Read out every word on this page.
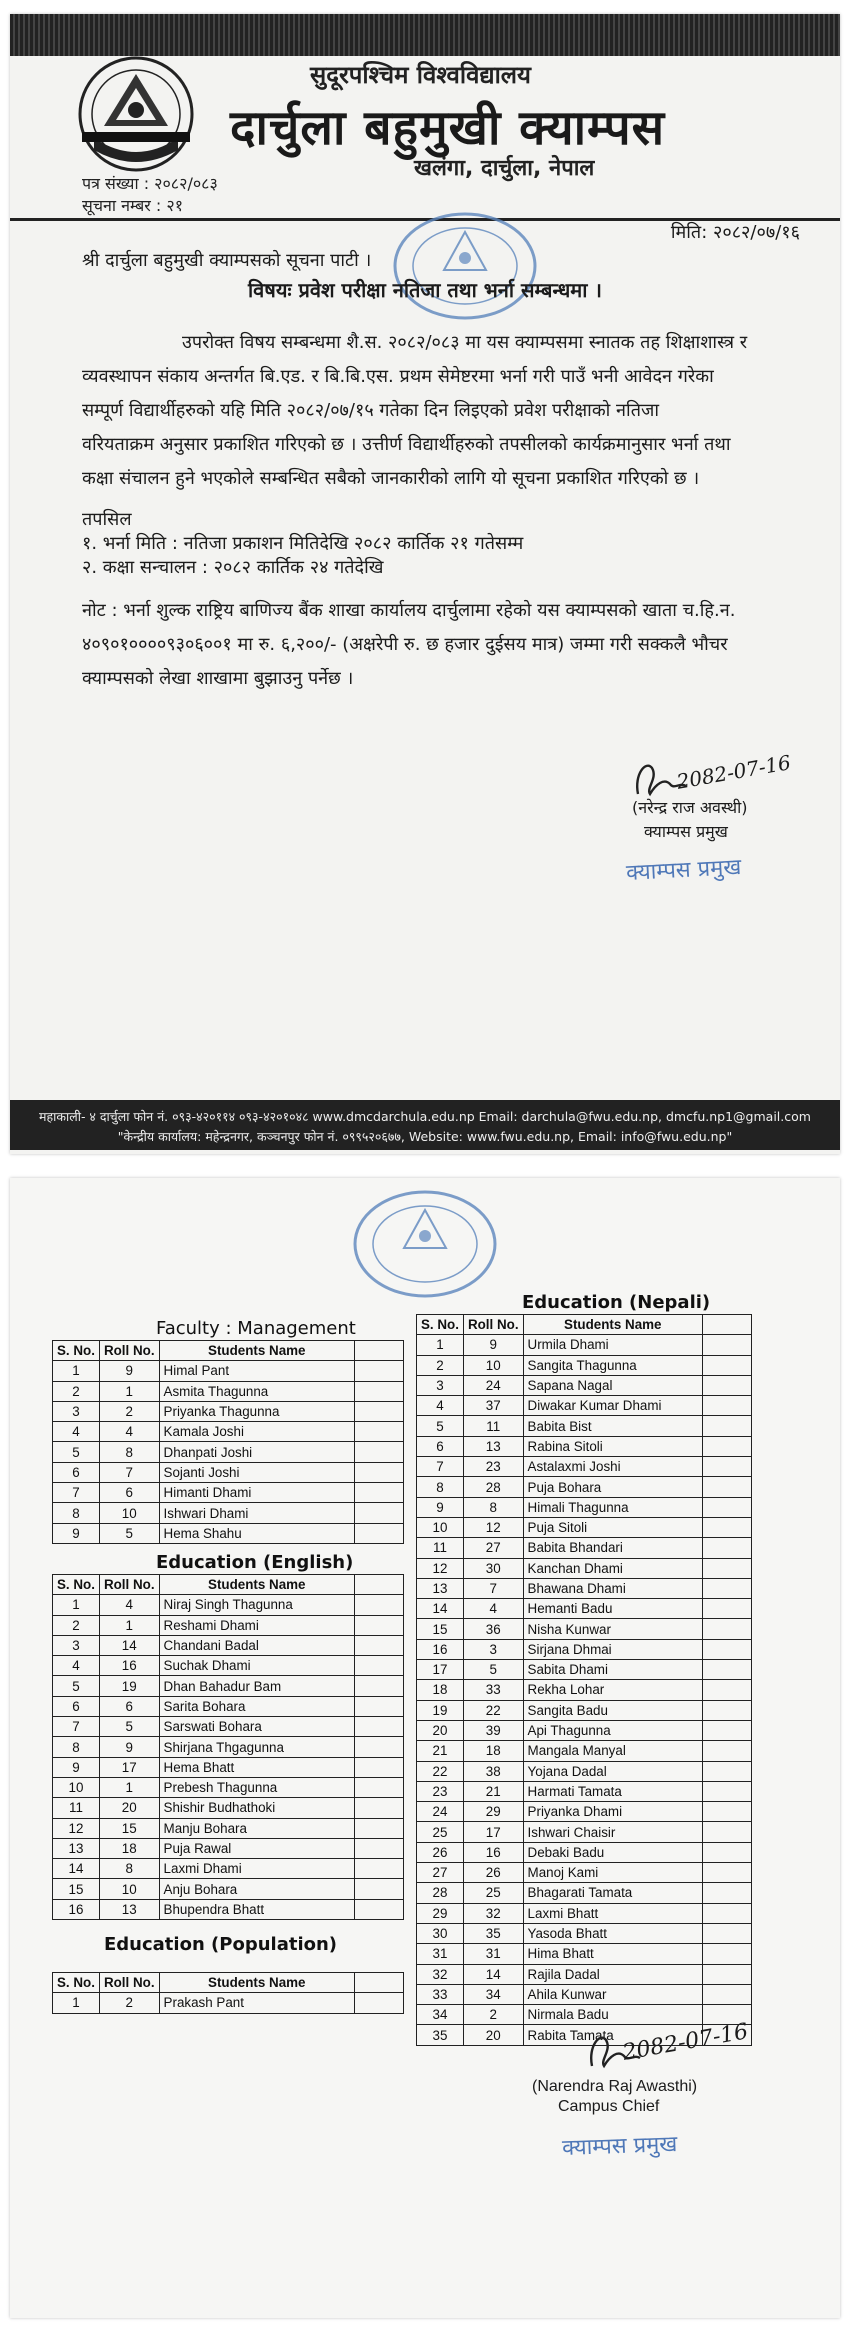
सुदूरपश्चिम विश्वविद्यालय
दार्चुला बहुमुखी क्याम्पस
खलंगा, दार्चुला, नेपाल
पत्र संख्या : २०८२/०८३
सूचना नम्बर : २१
मिति: २०८२/०७/१६
श्री दार्चुला बहुमुखी क्याम्पसको सूचना पाटी ।
विषयः प्रवेश परीक्षा नतिजा तथा भर्ना सम्बन्धमा ।
उपरोक्त विषय सम्बन्धमा शै.स. २०८२/०८३ मा यस क्याम्पसमा स्नातक तह शिक्षाशास्त्र र
व्यवस्थापन संकाय अन्तर्गत बि.एड. र बि.बि.एस. प्रथम सेमेष्टरमा भर्ना गरी पाउँ भनी आवेदन गरेका
सम्पूर्ण विद्यार्थीहरुको यहि मिति २०८२/०७/१५ गतेका दिन लिइएको प्रवेश परीक्षाको नतिजा
वरियताक्रम अनुसार प्रकाशित गरिएको छ । उत्तीर्ण विद्यार्थीहरुको तपसीलको कार्यक्रमानुसार भर्ना तथा
कक्षा संचालन हुने भएकोले सम्बन्धित सबैको जानकारीको लागि यो सूचना प्रकाशित गरिएको छ ।
तपसिल
१. भर्ना मिति : नतिजा प्रकाशन मितिदेखि २०८२ कार्तिक २१ गतेसम्म
२. कक्षा सन्चालन : २०८२ कार्तिक २४ गतेदेखि
नोट : भर्ना शुल्क राष्ट्रिय बाणिज्य बैंक शाखा कार्यालय दार्चुलामा रहेको यस क्याम्पसको खाता च.हि.न.
४०९०१००००९३०६००१ मा रु. ६,२००/- (अक्षरेपी रु. छ हजार दुईसय मात्र) जम्मा गरी सक्कलै भौचर
क्याम्पसको लेखा शाखामा बुझाउनु पर्नेछ ।
2082-07-16
(नरेन्द्र राज अवस्थी)
क्याम्पस प्रमुख
क्याम्पस प्रमुख
महाकाली- ४ दार्चुला फोन नं. ०९३-४२०११४ ०९३-४२०१०४८ www.dmcdarchula.edu.np Email: darchula@fwu.edu.np, dmcfu.np1@gmail.com
"केन्द्रीय कार्यालय: महेन्द्रनगर, कञ्चनपुर फोन नं. ०९९५२०६७७, Website: www.fwu.edu.np, Email: info@fwu.edu.np"
Faculty : Management
S. No.	Roll No.	Students Name	
1	9	Himal Pant	
2	1	Asmita Thagunna	
3	2	Priyanka Thagunna	
4	4	Kamala Joshi	
5	8	Dhanpati Joshi	
6	7	Sojanti Joshi	
7	6	Himanti Dhami	
8	10	Ishwari Dhami	
9	5	Hema Shahu	
Education (English)
S. No.	Roll No.	Students Name	
1	4	Niraj Singh Thagunna	
2	1	Reshami Dhami	
3	14	Chandani Badal	
4	16	Suchak Dhami	
5	19	Dhan Bahadur Bam	
6	6	Sarita Bohara	
7	5	Sarswati Bohara	
8	9	Shirjana Thgagunna	
9	17	Hema Bhatt	
10	1	Prebesh Thagunna	
11	20	Shishir Budhathoki	
12	15	Manju Bohara	
13	18	Puja Rawal	
14	8	Laxmi Dhami	
15	10	Anju Bohara	
16	13	Bhupendra Bhatt	
Education (Population)
S. No.	Roll No.	Students Name	
1	2	Prakash Pant	
Education (Nepali)
S. No.	Roll No.	Students Name	
1	9	Urmila Dhami	
2	10	Sangita Thagunna	
3	24	Sapana Nagal	
4	37	Diwakar Kumar Dhami	
5	11	Babita Bist	
6	13	Rabina Sitoli	
7	23	Astalaxmi Joshi	
8	28	Puja Bohara	
9	8	Himali Thagunna	
10	12	Puja Sitoli	
11	27	Babita Bhandari	
12	30	Kanchan Dhami	
13	7	Bhawana Dhami	
14	4	Hemanti Badu	
15	36	Nisha Kunwar	
16	3	Sirjana Dhmai	
17	5	Sabita Dhami	
18	33	Rekha Lohar	
19	22	Sangita Badu	
20	39	Api Thagunna	
21	18	Mangala Manyal	
22	38	Yojana Dadal	
23	21	Harmati Tamata	
24	29	Priyanka Dhami	
25	17	Ishwari Chaisir	
26	16	Debaki Badu	
27	26	Manoj Kami	
28	25	Bhagarati Tamata	
29	32	Laxmi Bhatt	
30	35	Yasoda Bhatt	
31	31	Hima Bhatt	
32	14	Rajila Dadal	
33	34	Ahila Kunwar	
34	2	Nirmala Badu	
35	20	Rabita Tamata	2082-07-16
(Narendra Raj Awasthi)
Campus Chief
क्याम्पस प्रमुख
